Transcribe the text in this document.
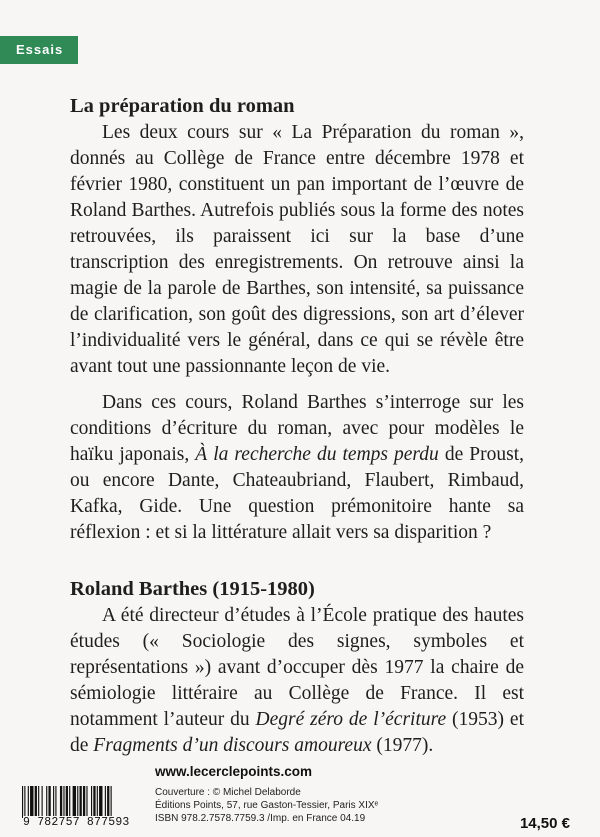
Essais
La préparation du roman

Les deux cours sur « La Préparation du roman », donnés au Collège de France entre décembre 1978 et février 1980, constituent un pan important de l’œuvre de Roland Barthes. Autrefois publiés sous la forme des notes retrouvées, ils paraissent ici sur la base d’une transcription des enregistrements. On retrouve ainsi la magie de la parole de Barthes, son intensité, sa puissance de clarification, son goût des digressions, son art d’élever l’individualité vers le général, dans ce qui se révèle être avant tout une passionnante leçon de vie.

Dans ces cours, Roland Barthes s’interroge sur les conditions d’écriture du roman, avec pour modèles le haïku japonais, À la recherche du temps perdu de Proust, ou encore Dante, Chateaubriand, Flaubert, Rimbaud, Kafka, Gide. Une question prémonitoire hante sa réflexion : et si la littérature allait vers sa disparition ?

Roland Barthes (1915-1980)

A été directeur d’études à l’École pratique des hautes études (« Sociologie des signes, symboles et représentations ») avant d’occuper dès 1977 la chaire de sémiologie littéraire au Collège de France. Il est notamment l’auteur du Degré zéro de l’écriture (1953) et de Fragments d’un discours amoureux (1977).

www.lecerclepoints.com
9 782757 877593
Couverture : © Michel Delaborde
Éditions Points, 57, rue Gaston-Tessier, Paris XIXᵉ
ISBN 978.2.7578.7759.3 /Imp. en France 04.19	14,50 €
